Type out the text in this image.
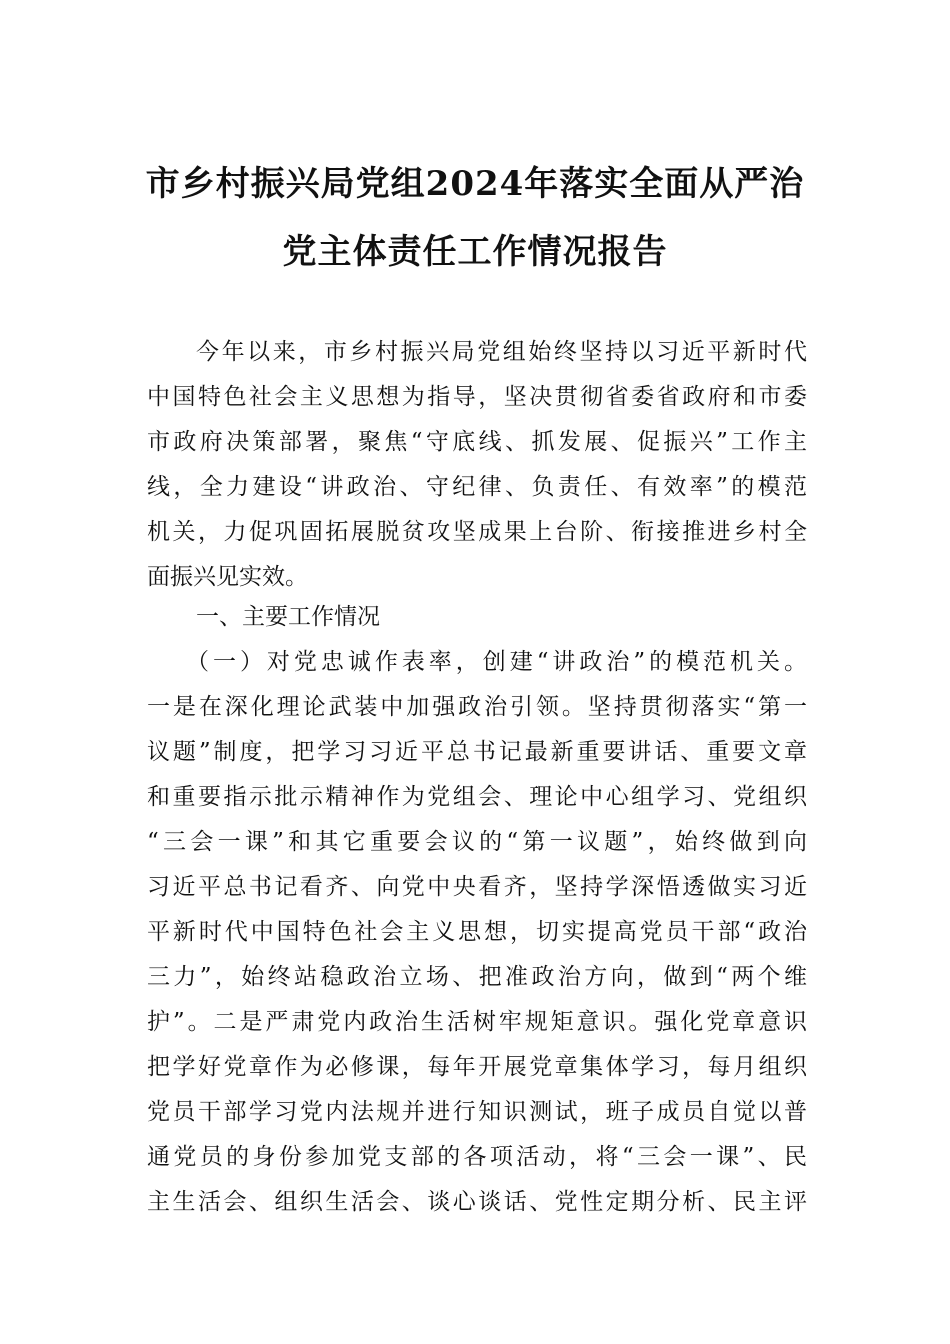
市乡村振兴局党组2024年落实全面从严治
党主体责任工作情况报告
今年以来，市乡村振兴局党组始终坚持以习近平新时代
中国特色社会主义思想为指导，坚决贯彻省委省政府和市委
市政府决策部署，聚焦“守底线、抓发展、促振兴”工作主
线，全力建设“讲政治、守纪律、负责任、有效率”的模范
机关，力促巩固拓展脱贫攻坚成果上台阶、衔接推进乡村全
面振兴见实效。
一、主要工作情况
（一）对党忠诚作表率，创建“讲政治”的模范机关。
一是在深化理论武装中加强政治引领。坚持贯彻落实“第一
议题”制度，把学习习近平总书记最新重要讲话、重要文章
和重要指示批示精神作为党组会、理论中心组学习、党组织
“三会一课”和其它重要会议的“第一议题”，始终做到向
习近平总书记看齐、向党中央看齐，坚持学深悟透做实习近
平新时代中国特色社会主义思想，切实提高党员干部“政治
三力”，始终站稳政治立场、把准政治方向，做到“两个维
护”。二是严肃党内政治生活树牢规矩意识。强化党章意识
把学好党章作为必修课，每年开展党章集体学习，每月组织
党员干部学习党内法规并进行知识测试，班子成员自觉以普
通党员的身份参加党支部的各项活动，将“三会一课”、民
主生活会、组织生活会、谈心谈话、党性定期分析、民主评
